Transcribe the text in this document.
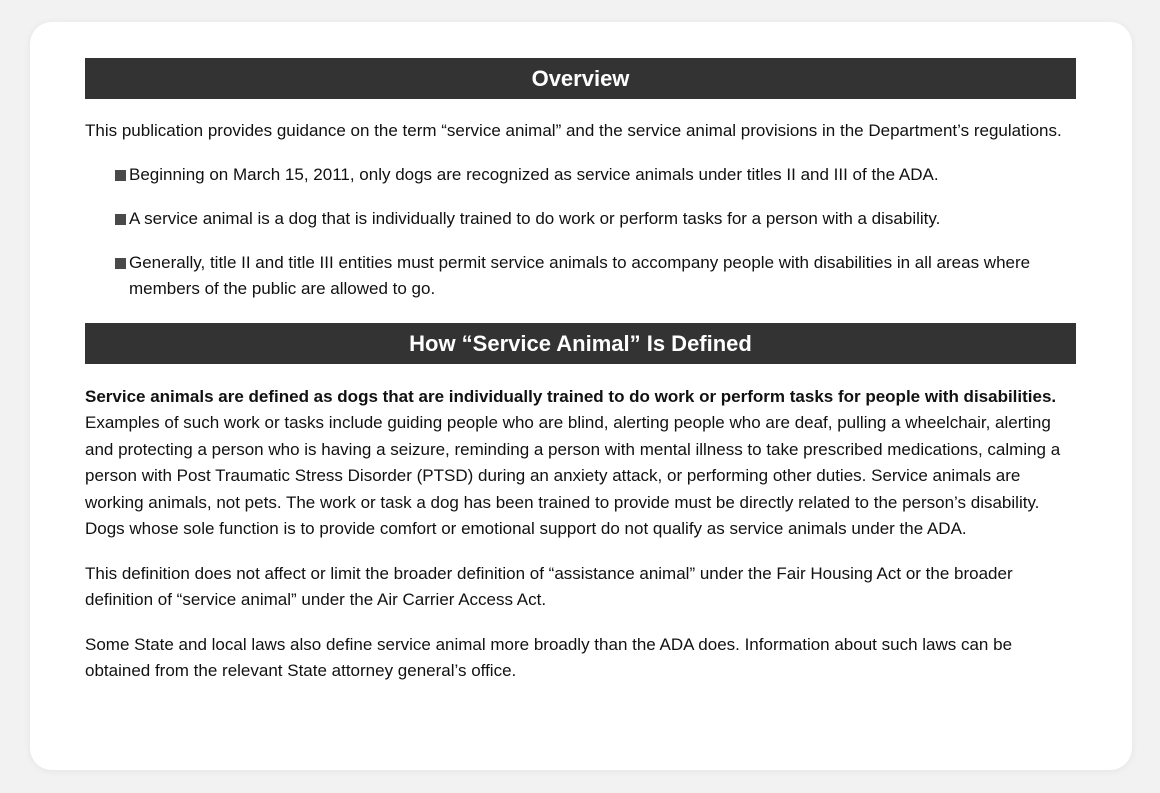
Overview

This publication provides guidance on the term “service animal” and the service animal provisions in the Department’s regulations.

Beginning on March 15, 2011, only dogs are recognized as service animals under titles II and III of the ADA.
A service animal is a dog that is individually trained to do work or perform tasks for a person with a disability.
Generally, title II and title III entities must permit service animals to accompany people with disabilities in all areas where members of the public are allowed to go.
How “Service Animal” Is Defined

Service animals are defined as dogs that are individually trained to do work or perform tasks for people with disabilities. Examples of such work or tasks include guiding people who are blind, alerting people who are deaf, pulling a wheelchair, alerting and protecting a person who is having a seizure, reminding a person with mental illness to take prescribed medications, calming a person with Post Traumatic Stress Disorder (PTSD) during an anxiety attack, or performing other duties. Service animals are working animals, not pets. The work or task a dog has been trained to provide must be directly related to the person’s disability. Dogs whose sole function is to provide comfort or emotional support do not qualify as service animals under the ADA.

This definition does not affect or limit the broader definition of “assistance animal” under the Fair Housing Act or the broader definition of “service animal” under the Air Carrier Access Act.

Some State and local laws also define service animal more broadly than the ADA does. Information about such laws can be obtained from the relevant State attorney general’s office.
